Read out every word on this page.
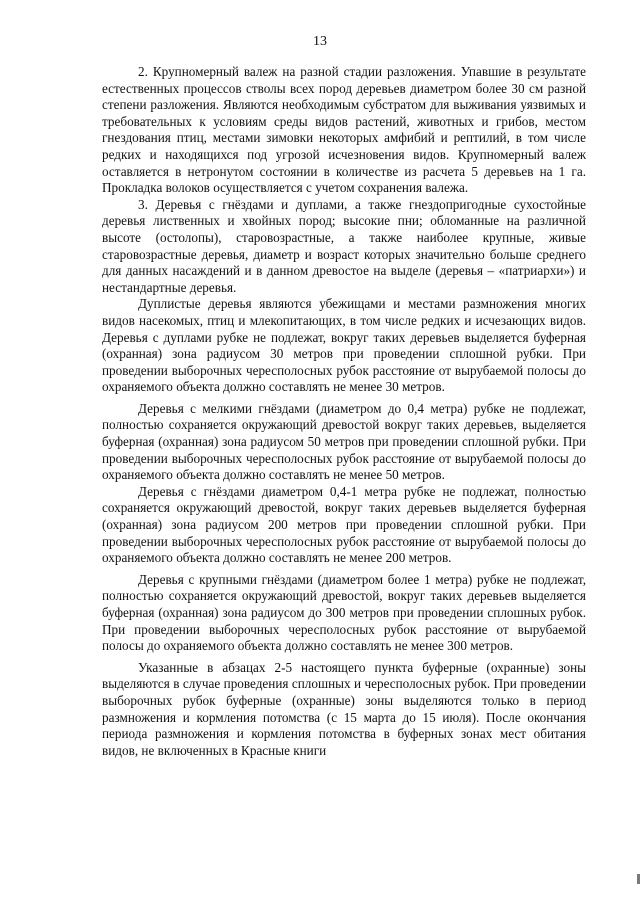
13

2. Крупномерный валеж на разной стадии разложения. Упавшие в результате естественных процессов стволы всех пород деревьев диаметром более 30 см разной степени разложения. Являются необходимым субстратом для выживания уязвимых и требовательных к условиям среды видов растений, животных и грибов, местом гнездования птиц, местами зимовки некоторых амфибий и рептилий, в том числе редких и находящихся под угрозой исчезновения видов. Крупномерный валеж оставляется в нетронутом состоянии в количестве из расчета 5 деревьев на 1 га. Прокладка волоков осуществляется с учетом сохранения валежа.

3. Деревья с гнёздами и дуплами, а также гнездопригодные сухостойные деревья лиственных и хвойных пород; высокие пни; обломанные на различной высоте (остолопы), старовозрастные, а также наиболее крупные, живые старовозрастные деревья, диаметр и возраст которых значительно больше среднего для данных насаждений и в данном древостое на выделе (деревья – «патриархи») и нестандартные деревья.

Дуплистые деревья являются убежищами и местами размножения многих видов насекомых, птиц и млекопитающих, в том числе редких и исчезающих видов. Деревья с дуплами рубке не подлежат, вокруг таких деревьев выделяется буферная (охранная) зона радиусом 30 метров при проведении сплошной рубки. При проведении выборочных чересполосных рубок расстояние от вырубаемой полосы до охраняемого объекта должно составлять не менее 30 метров.

Деревья с мелкими гнёздами (диаметром до 0,4 метра) рубке не подлежат, полностью сохраняется окружающий древостой вокруг таких деревьев, выделяется буферная (охранная) зона радиусом 50 метров при проведении сплошной рубки. При проведении выборочных чересполосных рубок расстояние от вырубаемой полосы до охраняемого объекта должно составлять не менее 50 метров.

Деревья с гнёздами диаметром 0,4-1 метра рубке не подлежат, полностью сохраняется окружающий древостой, вокруг таких деревьев выделяется буферная (охранная) зона радиусом 200 метров при проведении сплошной рубки. При проведении выборочных чересполосных рубок расстояние от вырубаемой полосы до охраняемого объекта должно составлять не менее 200 метров.

Деревья с крупными гнёздами (диаметром более 1 метра) рубке не подлежат, полностью сохраняется окружающий древостой, вокруг таких деревьев выделяется буферная (охранная) зона радиусом до 300 метров при проведении сплошных рубок. При проведении выборочных чересполосных рубок расстояние от вырубаемой полосы до охраняемого объекта должно составлять не менее 300 метров.

Указанные в абзацах 2-5 настоящего пункта буферные (охранные) зоны выделяются в случае проведения сплошных и чересполосных рубок. При проведении выборочных рубок буферные (охранные) зоны выделяются только в период размножения и кормления потомства (с 15 марта до 15 июля). После окончания периода размножения и кормления потомства в буферных зонах мест обитания видов, не включенных в Красные книги
